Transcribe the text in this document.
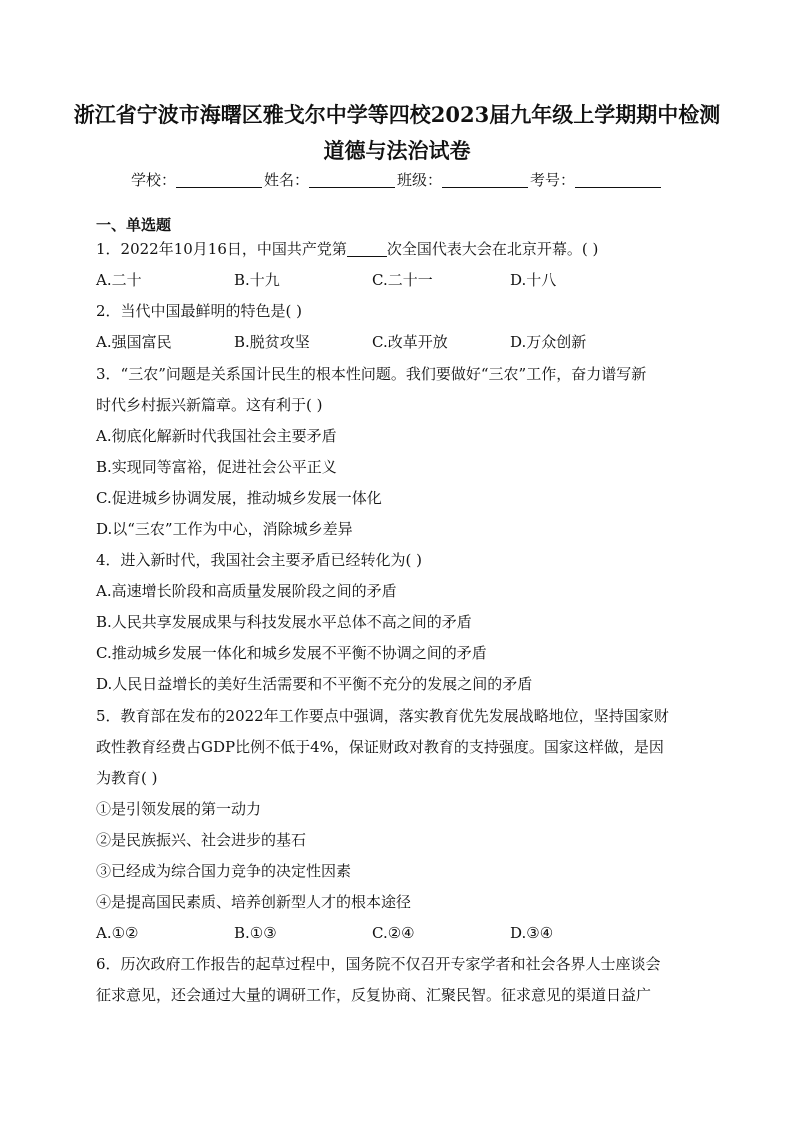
浙江省宁波市海曙区雅戈尔中学等四校2023届九年级上学期期中检测
道德与法治试卷
学校：	姓名：	班级：	考号：
一、单选题
1．2022年10月16日，中国共产党第	次全国代表大会在北京开幕。( )
A.二十	B.十九	C.二十一	D.十八
2．当代中国最鲜明的特色是( )
A.强国富民	B.脱贫攻坚	C.改革开放	D.万众创新
3．“三农”问题是关系国计民生的根本性问题。我们要做好“三农”工作，奋力谱写新
时代乡村振兴新篇章。这有利于( )
A.彻底化解新时代我国社会主要矛盾
B.实现同等富裕，促进社会公平正义
C.促进城乡协调发展，推动城乡发展一体化
D.以“三农”工作为中心，消除城乡差异
4．进入新时代，我国社会主要矛盾已经转化为( )
A.高速增长阶段和高质量发展阶段之间的矛盾
B.人民共享发展成果与科技发展水平总体不高之间的矛盾
C.推动城乡发展一体化和城乡发展不平衡不协调之间的矛盾
D.人民日益增长的美好生活需要和不平衡不充分的发展之间的矛盾
5．教育部在发布的2022年工作要点中强调，落实教育优先发展战略地位，坚持国家财
政性教育经费占GDP比例不低于4%，保证财政对教育的支持强度。国家这样做，是因
为教育( )
①是引领发展的第一动力
②是民族振兴、社会进步的基石
③已经成为综合国力竞争的决定性因素
④是提高国民素质、培养创新型人才的根本途径
A.①②	B.①③	C.②④	D.③④
6．历次政府工作报告的起草过程中，国务院不仅召开专家学者和社会各界人士座谈会
征求意见，还会通过大量的调研工作，反复协商、汇聚民智。征求意见的渠道日益广
